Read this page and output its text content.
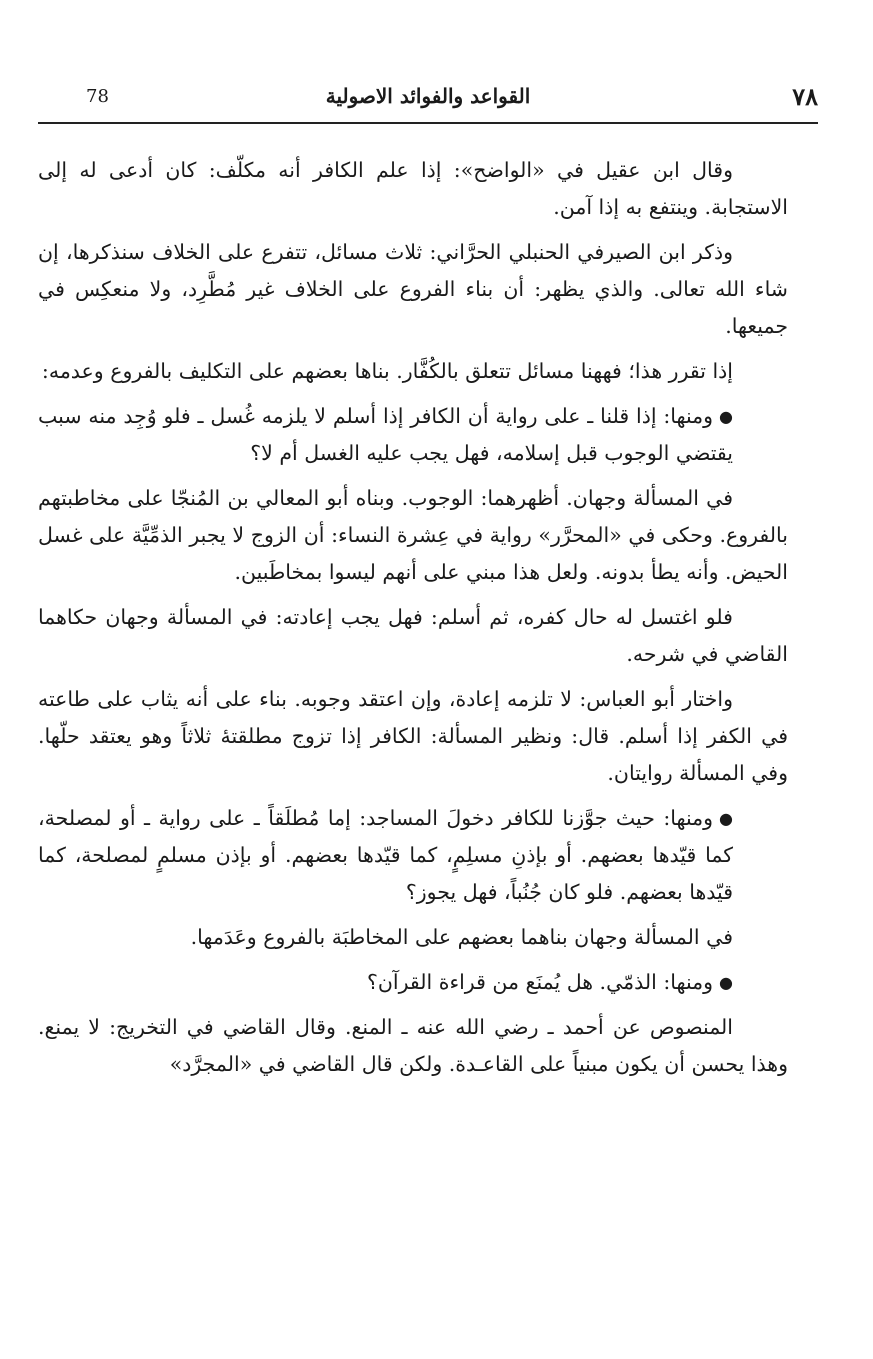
٧٨
القواعد والفوائد الاصولية
78

وقال ابن عقيل في «الواضح»: إذا علم الكافر أنه مكلّف: كان أدعى له إلى الاستجابة. وينتفع به إذا آمن.

وذكر ابن الصيرفي الحنبلي الحرَّاني: ثلاث مسائل، تتفرع على الخلاف سنذكرها، إن شاء الله تعالى. والذي يظهر: أن بناء الفروع على الخلاف غير مُطَّرِد، ولا منعكِس في جميعها.

إذا تقرر هذا؛ فههنا مسائل تتعلق بالكُفَّار. بناها بعضهم على التكليف بالفروع وعدمه:

●ومنها: إذا قلنا ـ على رواية أن الكافر إذا أسلم لا يلزمه غُسل ـ فلو وُجِد منه سبب يقتضي الوجوب قبل إسلامه، فهل يجب عليه الغسل أم لا؟

في المسألة وجهان. أظهرهما: الوجوب. وبناه أبو المعالي بن المُنجّا على مخاطبتهم بالفروع. وحكى في «المحرَّر» رواية في عِشرة النساء: أن الزوج لا يجبر الذمِّيَّة على غسل الحيض. وأنه يطأ بدونه. ولعل هذا مبني على أنهم ليسوا بمخاطَبين.

فلو اغتسل له حال كفره، ثم أسلم: فهل يجب إعادته: في المسألة وجهان حكاهما القاضي في شرحه.

واختار أبو العباس: لا تلزمه إعادة، وإن اعتقد وجوبه. بناء على أنه يثاب على طاعته في الكفر إذا أسلم. قال: ونظير المسألة: الكافر إذا تزوج مطلقتهٔ ثلاثاً وهو يعتقد حلّها. وفي المسألة روايتان.

●ومنها: حيث جوَّزنا للكافر دخولَ المساجد: إما مُطلَقاً ـ على رواية ـ أو لمصلحة، كما قيّدها بعضهم. أو بإذنِ مسلِمٍ، كما قيّدها بعضهم. أو بإذن مسلمٍ لمصلحة، كما قيّدها بعضهم. فلو كان جُنُباً، فهل يجوز؟

في المسألة وجهان بناهما بعضهم على المخاطبَة بالفروع وعَدَمها.

●ومنها: الذمّي. هل يُمنَع من قراءة القرآن؟

المنصوص عن أحمد ـ رضي الله عنه ـ المنع. وقال القاضي في التخريج: لا يمنع. وهذا يحسن أن يكون مبنياً على القاعـدة. ولكن قال القاضي في «المجرَّد»
